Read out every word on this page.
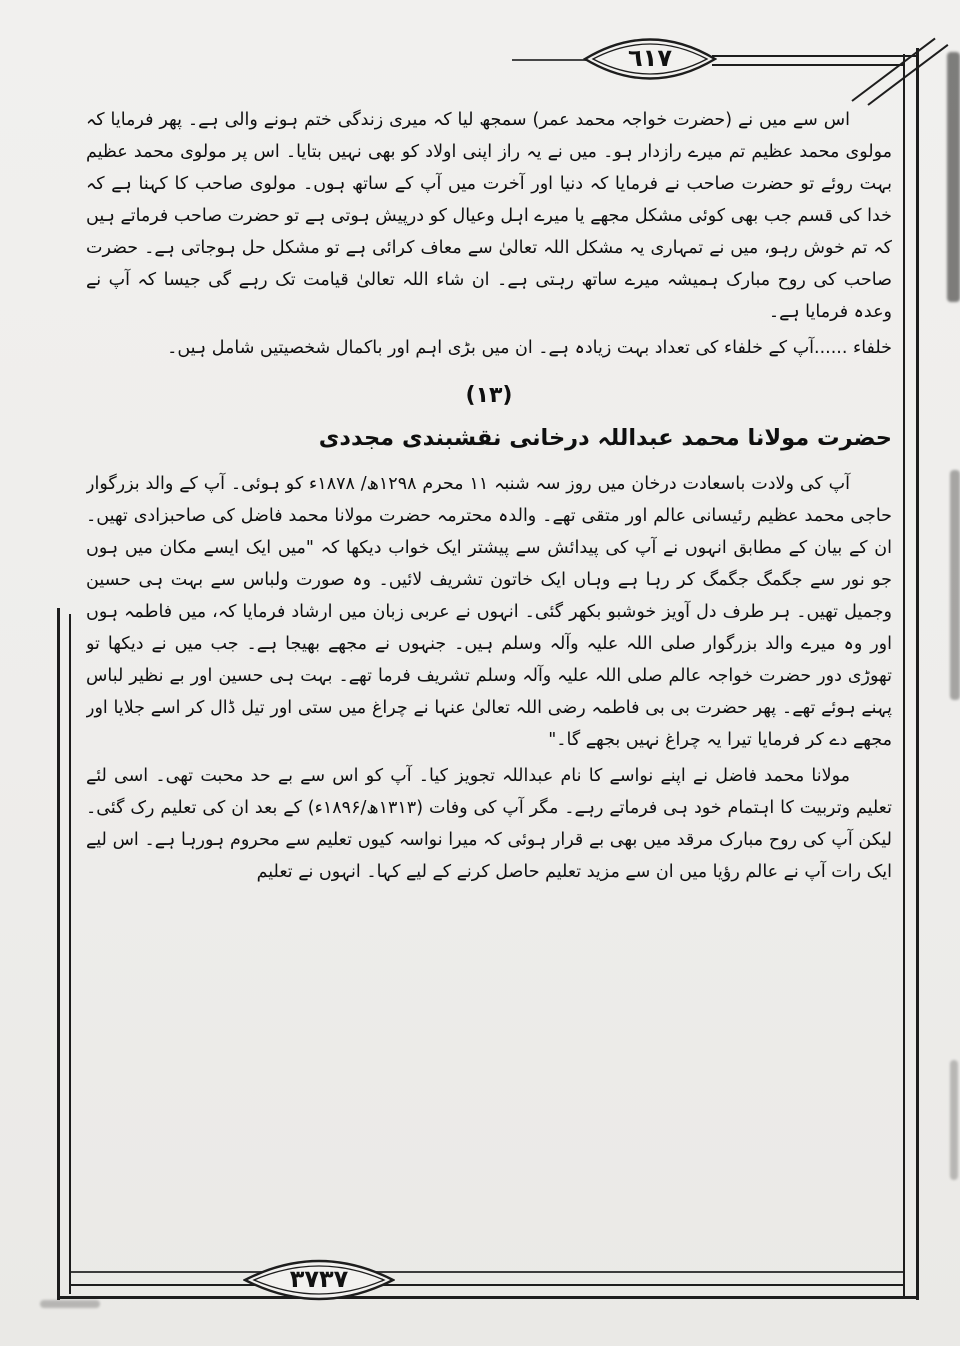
٦١٧
٣٧٣٧

اس سے میں نے (حضرت خواجہ محمد عمر) سمجھ لیا کہ میری زندگی ختم ہونے والی ہے۔ پھر فرمایا کہ مولوی محمد عظیم تم میرے رازدار ہو۔ میں نے یہ راز اپنی اولاد کو بھی نہیں بتایا۔ اس پر مولوی محمد عظیم بہت روئے تو حضرت صاحب نے فرمایا کہ دنیا اور آخرت میں آپ کے ساتھ ہوں۔ مولوی صاحب کا کہنا ہے کہ خدا کی قسم جب بھی کوئی مشکل مجھے یا میرے اہل وعیال کو درپیش ہوتی ہے تو حضرت صاحب فرماتے ہیں کہ تم خوش رہو، میں نے تمہاری یہ مشکل اللہ تعالیٰ سے معاف کرائی ہے تو مشکل حل ہوجاتی ہے۔ حضرت صاحب کی روح مبارک ہمیشہ میرے ساتھ رہتی ہے۔ ان شاء اللہ تعالیٰ قیامت تک رہے گی جیسا کہ آپ نے وعدہ فرمایا ہے۔

خلفاء ......آپ کے خلفاء کی تعداد بہت زیادہ ہے۔ ان میں بڑی اہم اور باکمال شخصیتیں شامل ہیں۔

(۱۳)
حضرت مولانا محمد عبداللہ درخانی نقشبندی مجددی

آپ کی ولادت باسعادت درخان میں روز سہ شنبہ ۱۱ محرم ۱۲۹۸ھ/ ۱۸۷۸ء کو ہوئی۔ آپ کے والد بزرگوار حاجی محمد عظیم رئیسانی عالم اور متقی تھے۔ والدہ محترمہ حضرت مولانا محمد فاضل کی صاحبزادی تھیں۔ ان کے بیان کے مطابق انہوں نے آپ کی پیدائش سے پیشتر ایک خواب دیکھا کہ "میں ایک ایسے مکان میں ہوں جو نور سے جگمگ جگمگ کر رہا ہے وہاں ایک خاتون تشریف لائیں۔ وہ صورت ولباس سے بہت ہی حسین وجمیل تھیں۔ ہر طرف دل آویز خوشبو بکھر گئی۔ انہوں نے عربی زبان میں ارشاد فرمایا کہ، میں فاطمہ ہوں اور وہ میرے والد بزرگوار صلی اللہ علیہ وآلہ وسلم ہیں۔ جنہوں نے مجھے بھیجا ہے۔ جب میں نے دیکھا تو تھوڑی دور حضرت خواجہ عالم صلی اللہ علیہ وآلہ وسلم تشریف فرما تھے۔ بہت ہی حسین اور بے نظیر لباس پہنے ہوئے تھے۔ پھر حضرت بی بی فاطمہ رضی اللہ تعالیٰ عنہا نے چراغ میں ستی اور تیل ڈال کر اسے جلایا اور مجھے دے کر فرمایا تیرا یہ چراغ نہیں بجھے گا۔"

مولانا محمد فاضل نے اپنے نواسے کا نام عبداللہ تجویز کیا۔ آپ کو اس سے بے حد محبت تھی۔ اسی لئے تعلیم وتربیت کا اہتمام خود ہی فرماتے رہے۔ مگر آپ کی وفات (۱۳۱۳ھ/۱۸۹۶ء) کے بعد ان کی تعلیم رک گئی۔ لیکن آپ کی روح مبارک مرقد میں بھی بے قرار ہوئی کہ میرا نواسہ کیوں تعلیم سے محروم ہورہا ہے۔ اس لیے ایک رات آپ نے عالم رؤیا میں ان سے مزید تعلیم حاصل کرنے کے لیے کہا۔ انہوں نے تعلیم
